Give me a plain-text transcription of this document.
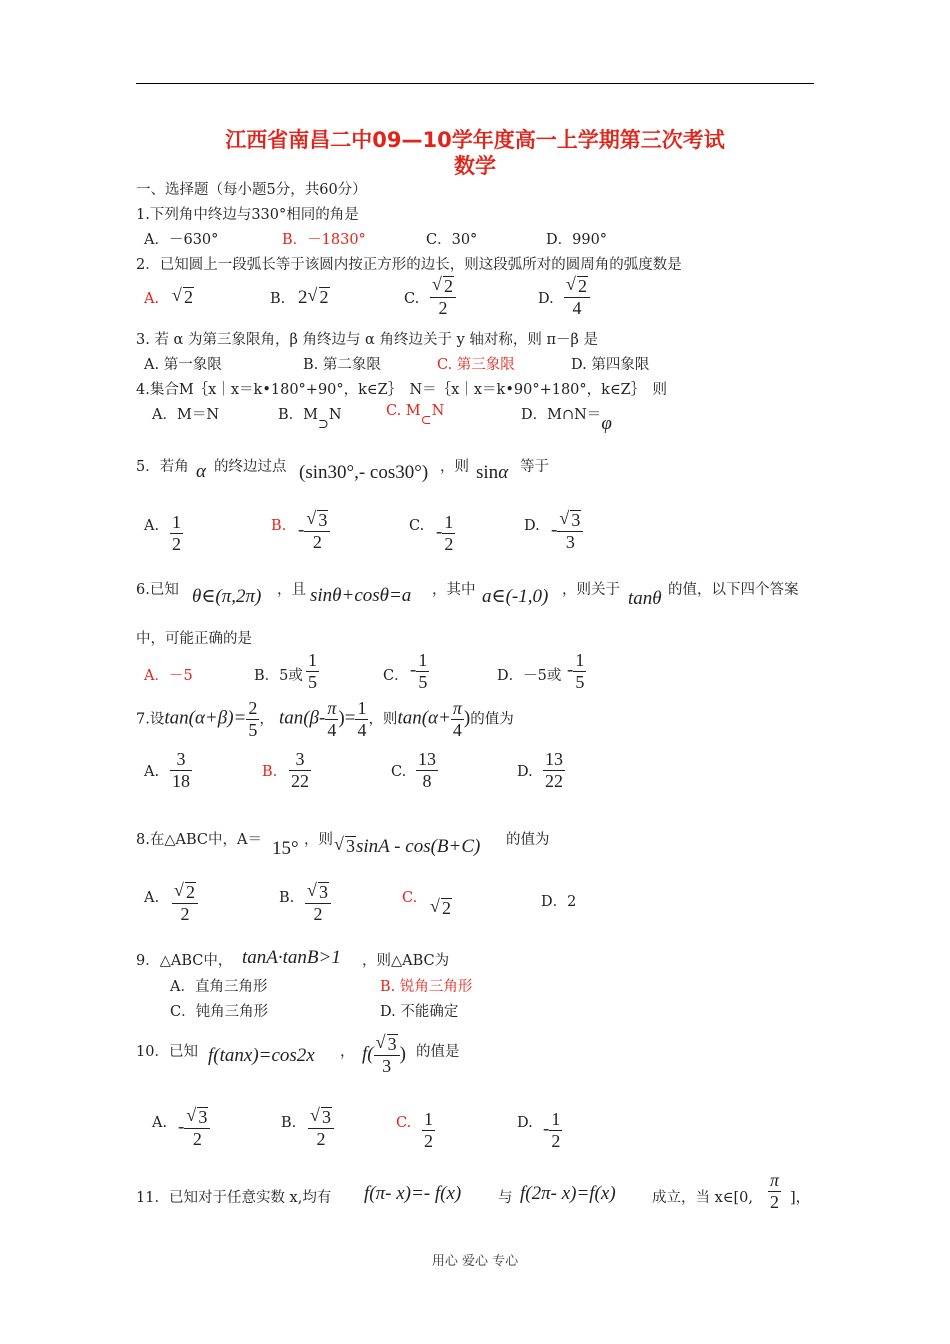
江西省南昌二中09—10学年度高一上学期第三次考试
数学
一、选择题（每小题5分，共60分）
1.下列角中终边与330°相同的角是
A．－630°	B．－1830°	C．30°	D．990°
2．已知圆上一段弧长等于该圆内按正方形的边长，则这段弧所对的圆周角的弧度数是
A.	√ 2	B. 2 √ 2	C. √ $\frac{2}{2}$	D. √ $\frac{2}{4}$
3. 若 α 为第三象限角，β 角终边与 α 角终边关于 y 轴对称，则 π－β 是
A. 第一象限	B. 第二象限	C. 第三象限	D. 第四象限
4.集合M｛x｜x＝k•180°+90°，k∈Z｝　N＝｛x｜x＝k•90°+180°，k∈Z｝　则
A．M＝N	B．M⊃N	C. M⊂N	D．M∩N＝φ
5．若角 α 的终边过点 (sin30°,- cos30°) ，则 sinα 等于
A. $\frac{1}{2}$	B. - √ $\frac{3}{2}$	C. - $\frac{1}{2}$	D. - √ $\frac{3}{3}$
6.已知 θ∈(π,2π) ，且 sinθ+cosθ=a ，其中 a∈(-1,0) ，则关于 tanθ 的值，以下四个答案
中，可能正确的是
A．－5	B．5或 $\frac{1}{5}$	C． - $\frac{1}{5}$	D．－5或 - $\frac{1}{5}$
7.设$\tan(\alpha+\beta)= \frac{2}{5}$ ， $\tan(\beta- \frac{\pi}{4}$ )= $\frac{1}{4}$ ，则$\tan(\alpha+ \frac{\pi}{4}$ )的值为
A. $\frac{3}{18}$	B. $\frac{3}{22}$	C. $\frac{13}{8}$	D. $\frac{13}{22}$
8.在△ABC中，A＝ 15° ，则 √ 3sinA - cos(B+C) 的值为
A. √ $\frac{2}{2}$	B. √ $\frac{3}{2}$	C.	√ 2	D．2
9．△ABC中， tanA·tanB>1 ，则△ABC为
A．直角三角形	B. 锐角三角形
C．钝角三角形	D. 不能确定
10．已知 f(tanx)=cos2x ， f( √ $\frac{3}{3}$ ) 的值是
A. - √ $\frac{3}{2}$	B. √ $\frac{3}{2}$	C. $\frac{1}{2}$	D. - $\frac{1}{2}$
11．已知对于任意实数 x,均有 f(π- x)=- f(x)	与 f(2π- x)=f(x)	成立，当 x∈[0, $\frac{\pi}{2}$ ]，
用心 爱心 专心
